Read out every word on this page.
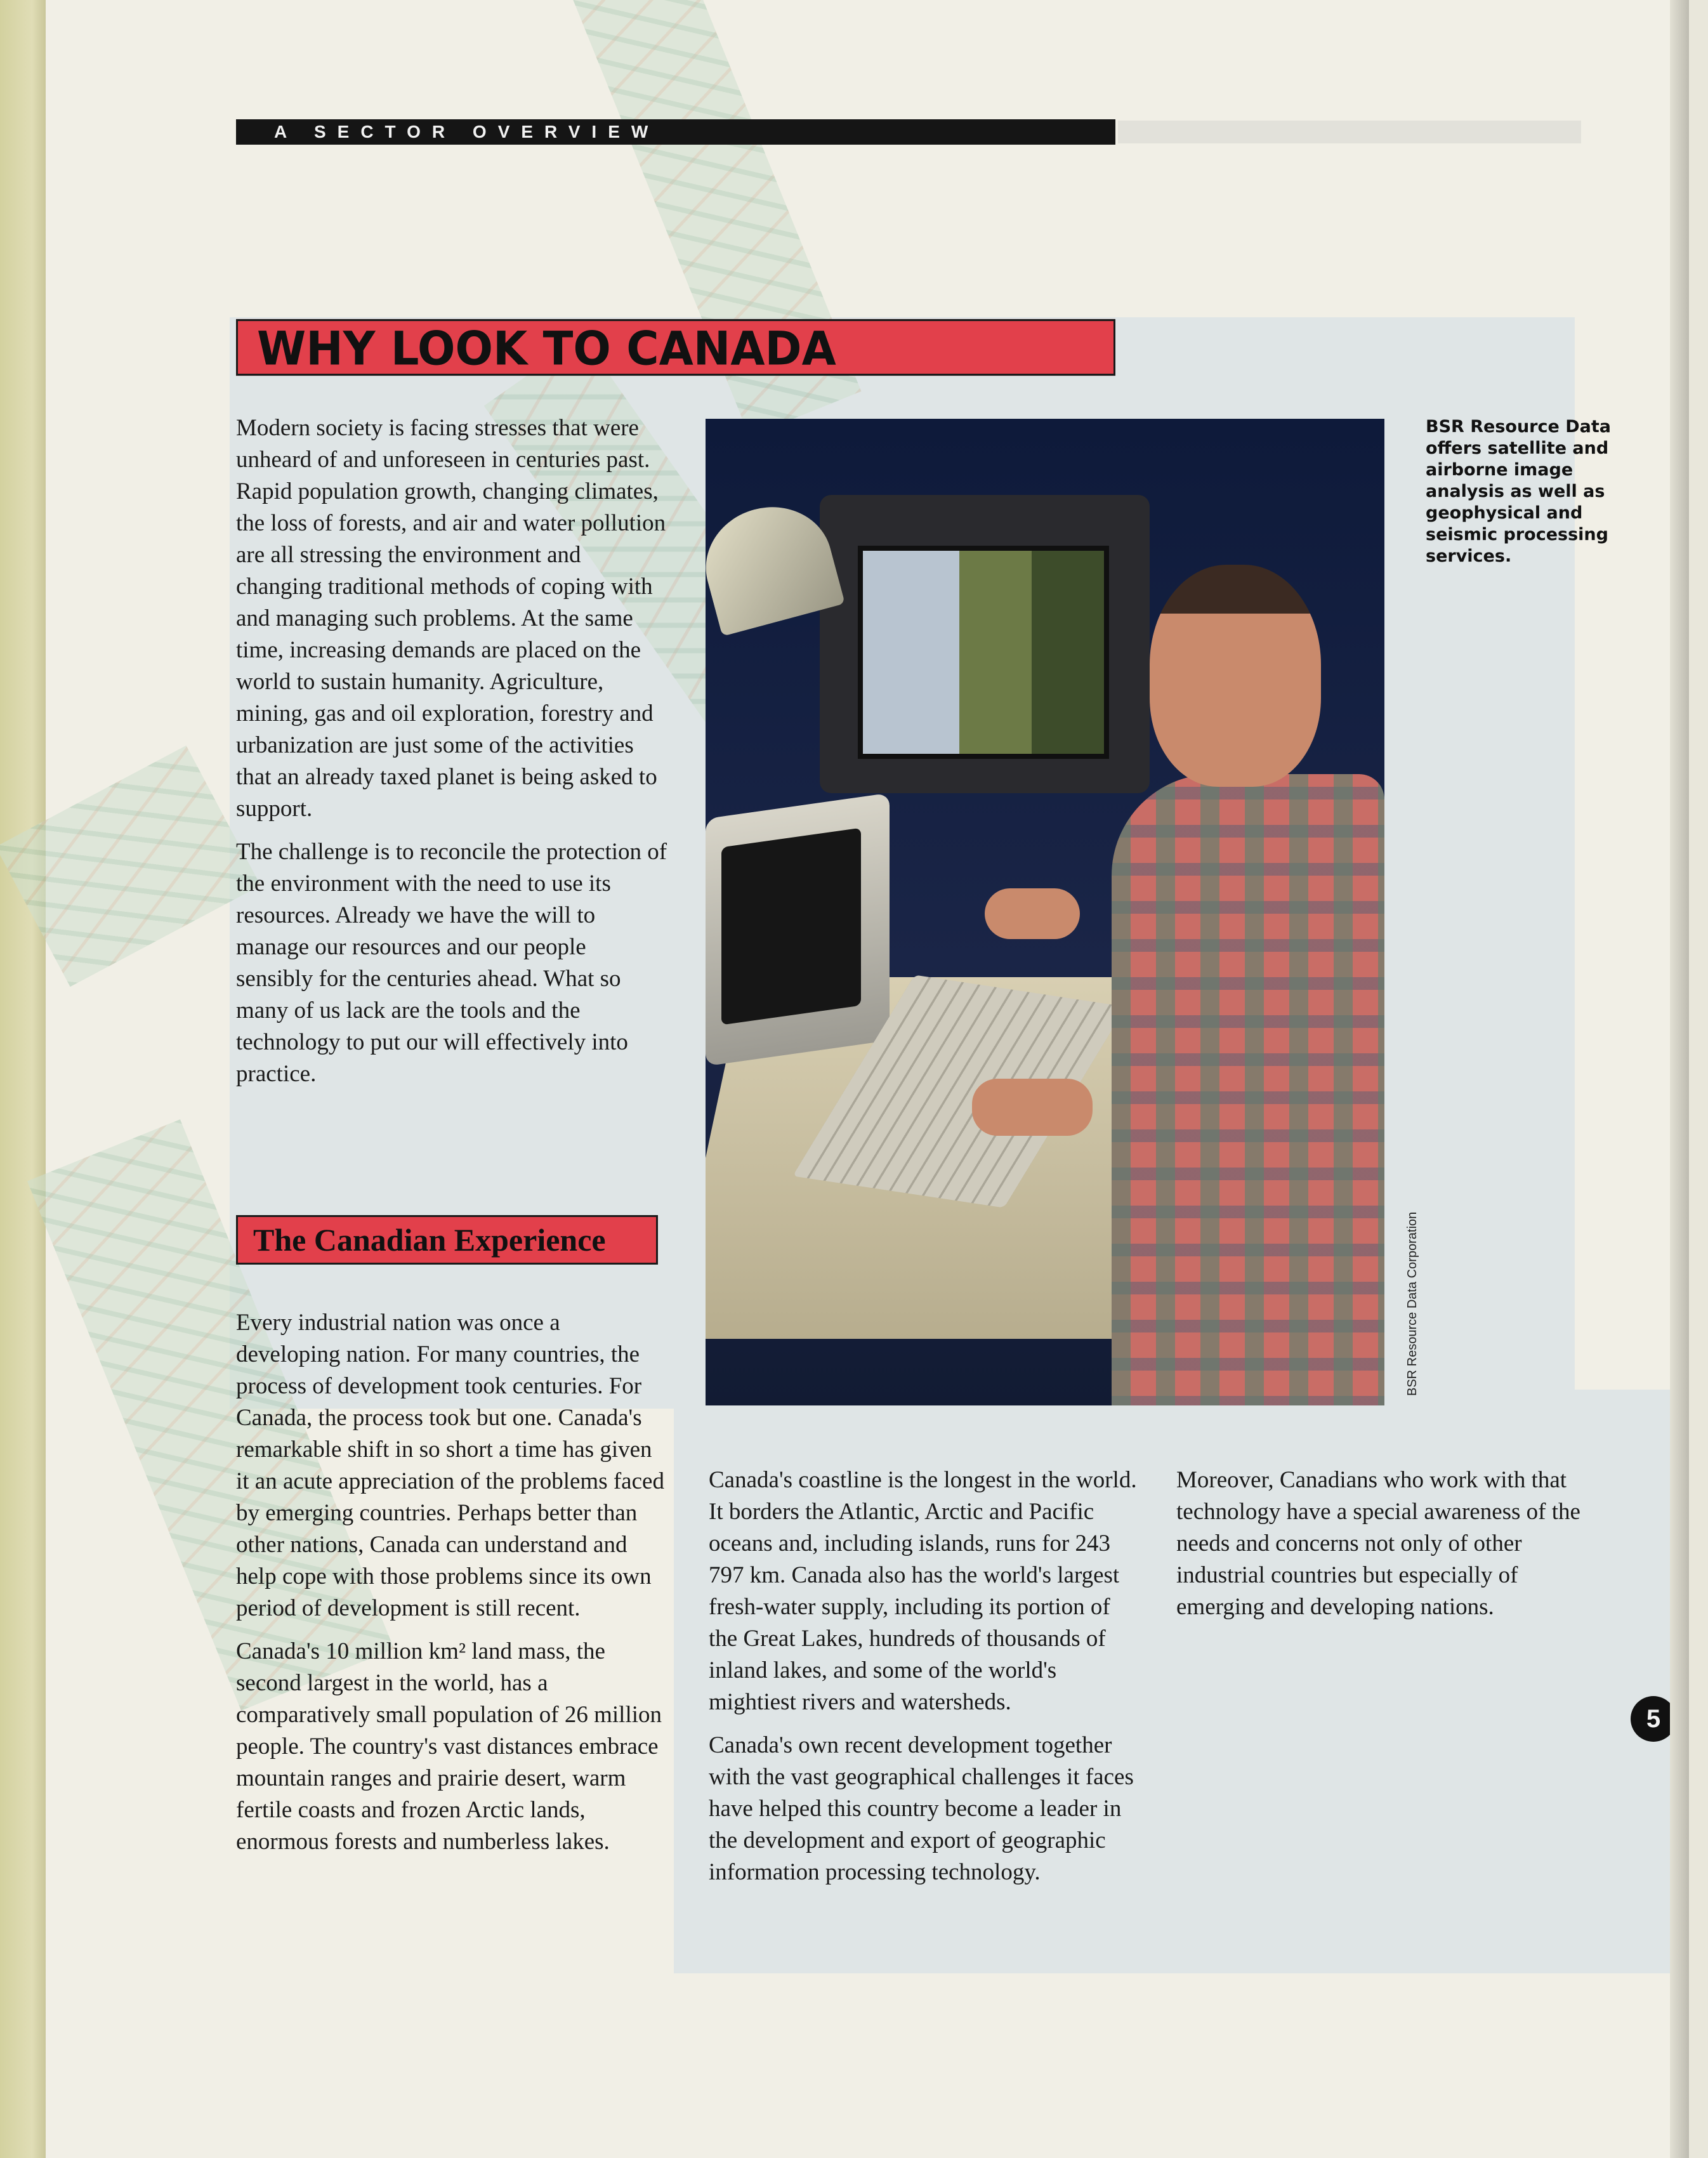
A SECTOR OVERVIEW
WHY LOOK TO CANADA

Modern society is facing stresses that were unheard of and unforeseen in centuries past. Rapid population growth, changing climates, the loss of forests, and air and water pollution are all stressing the environment and changing traditional methods of coping with and managing such problems. At the same time, increasing demands are placed on the world to sustain humanity. Agriculture, mining, gas and oil exploration, forestry and urbanization are just some of the activities that an already taxed planet is being asked to support.

The challenge is to reconcile the protection of the environment with the need to use its resources. Already we have the will to manage our resources and our people sensibly for the centuries ahead. What so many of us lack are the tools and the technology to put our will effectively into practice.

The Canadian Experience

Every industrial nation was once a developing nation. For many countries, the process of development took centuries. For Canada, the process took but one. Canada's remarkable shift in so short a time has given it an acute appreciation of the problems faced by emerging countries. Perhaps better than other nations, Canada can understand and help cope with those problems since its own period of development is still recent.

Canada's 10 million km² land mass, the second largest in the world, has a comparatively small population of 26 million people. The country's vast distances embrace mountain ranges and prairie desert, warm fertile coasts and frozen Arctic lands, enormous forests and numberless lakes.

BSR Resource Data offers satellite and airborne image analysis as well as geophysical and seismic processing services.
BSR Resource Data Corporation

Canada's coastline is the longest in the world. It borders the Atlantic, Arctic and Pacific oceans and, including islands, runs for 243 797 km. Canada also has the world's largest fresh-water supply, including its portion of the Great Lakes, hundreds of thousands of inland lakes, and some of the world's mightiest rivers and watersheds.

Canada's own recent development together with the vast geographical challenges it faces have helped this country become a leader in the development and export of geographic information processing technology.

Moreover, Canadians who work with that technology have a special awareness of the needs and concerns not only of other industrial countries but especially of emerging and developing nations.

5
